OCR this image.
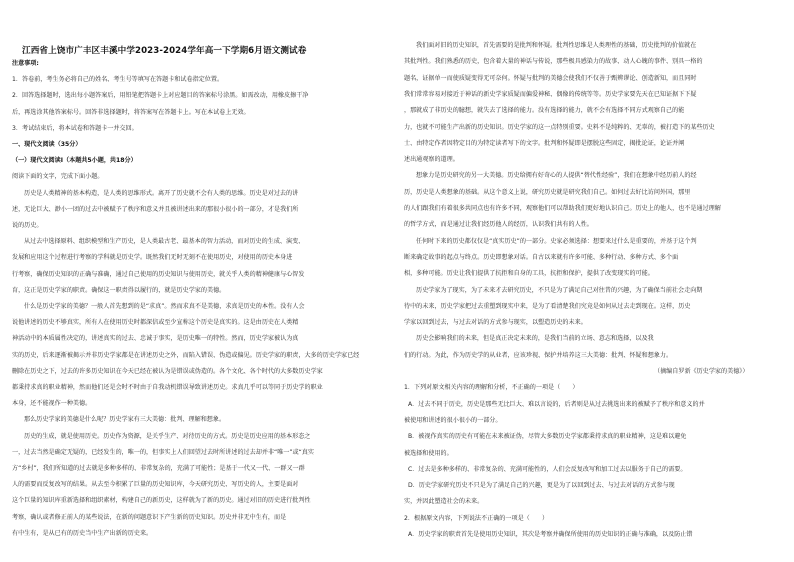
江西省上饶市广丰区丰溪中学2023-2024学年高一下学期6月语文测试卷
注意事项:
1．答卷前，考生务必将自己的姓名、考生号等填写在答题卡和试卷指定位置。
2．回答选择题时，选出每小题答案后，用铅笔把答题卡上对应题目的答案标号涂黑。如需改动，用橡皮擦干净
后，再选涂其他答案标号。回答非选择题时，将答案写在答题卡上。写在本试卷上无效。
3．考试结束后，将本试卷和答题卡一并交回。
一、现代文阅读（35分）
（一）现代文阅读Ⅰ（本题共5小题，共18分）
阅读下面的文字，完成下面小题。
历史是人类精神的基本构造，是人类的思维形式。离开了历史就不会有人类的思维。历史是对过去的讲
述，无论巨大、渺小一团的过去中被赋予了秩序和意义并且被讲述出来的那很小很小的一部分，才是我们所
说的历史。
从过去中选择原料、组织模型和生产历史，是人类最古老、最基本的智力活动，而对历史的生成、演变、
发展和应用这个过程进行考察的学科就是历史学。既然我们无时无刻不在使用历史，对使用的历史本身进
行考察，确保历史知识的正确与准确，通过自己使用的历史知识与使用历史，就关乎人类的精神健康与心智发
育，这正是历史学家的职责。确保这一职责得以履行的，就是历史学家的美德。
什么是历史学家的美德？一般人首先想到的是“求真”。然而求真不是美德，求真是历史的本性。没有人会
说他讲述的历史不够真实，所有人在使用历史时都深信或至少宣称这个历史是真实的。这是由历史在人类精
神活动中的本质属性决定的，讲述真实的过去、忠诚于事实，是历史唯一的特性。然而，历史学家被认为真
实的历史，后来逐渐被揭示并非历史学家都是在讲述历史之外，而陷入错误、伪造或偏见。历史学家的职责，大多的历史学家已经
删除在历史之下，过去的许多历史知识在今天已经在被认为是错误或伪造的。各个文化、各个时代的大多数历史学家
都秉持求真的职业精神，然而他们还是会时不时由于自我动机错误导致讲述历史。求真几乎可以等同于历史学的职业
本身，还不能视作一种美德。
那么历史学家的美德是什么呢？历史学家有三大美德：批判、理解和想象。
历史的生成，就是使用历史。历史作为资源，是关乎生产、对待历史的方式。历史是历史应用的基本形态之
一，过去当然是确定无疑的，已经发生的，唯一的，但事实上人们回望过去时所讲述的过去却并非“唯一”或“真实
方“乡村”，我们所知道的过去就是多种多样的、非常复杂的，充满了可能性；是基于一代又一代、一群又一群
人的需要而反复改写的结果。从去至今积累了巨量的历史知识库，今天研究历史、写历史的人，主要是面对
这个巨量的知识库重新选择和组织素材，构建自己的新历史，这样就为了新的历史。通过对旧的历史进行批判性
考察，确认或者修正前人的某些说法，在新的问题意识下产生新的历史知识。历史并非无中生有，而是
有中生有，是从已有的历史当中生产出新的历史来。
我们面对旧的历史知识，首先需要的是批判和怀疑。批判性思维是人类理性的基础，历史批判的价值就在
其批判性。我们熟悉的历史，包含着大量的神话与传说，那些极具感染力的故事、动人心魄的事件、别具一格的
题名，证据单一而使质疑变得无可奈何。怀疑与批判的美德会使我们不仅善于甄辨谬论、创造新知，而且同时
我们常常容易对接近于神话的新史学家质疑而偏爱神秘、偶像的传统等等。历史学家要先天在已知证据下下疑
，那就成了非历史的臆想，就失去了选择的能力。没有选择的能力，就不会有选择不同方式观察自己的能
力，也就不可能生产出新的历史知识。历史学家的这一点特别重要。史料不是纯粹的、无辜的，被打造下的某些历史
士、由特定作者因特定目的为特定读者写下的文字。批判和怀疑即是摆脱这些固定，揭批论证，论证并阐
述出通观察的道理。
想象力是历史研究的另一大美德。历史给拥有好奇心的人提供“替代性经验”，我们在想象中经历前人的经
历，历史是人类想象的基础。从这个意义上说，研究历史就是研究我们自己。如何过去好比访问外国，那里
的人们跟我们有着很多共同点也有许多不同，观察他们可以帮助我们更好地认识自己。历史上的他人，也不是通过理解
的哲学方式，而是通过让我们经历他人的经历，认识我们共有的人性。
任何时下来的历史都仅仅是“真实历史”的一部分。史家必须选择：想要来过什么是重要的，并基于这个判
断来确定故事的起点与终点。历史即想象对话。自古以来就有许多可能、多种行动、多种方式、多个面
相，多种可能。历史让我们提供了抗拒和自身的工具，抗拒和保护，提供了改变现实的可能。
历史学家为了现实，为了未来才去研究历史，不只是为了满足自己对往昔的兴趣，为了确保当前社会走向期
待中的未来，历史学家把过去重塑到现实中来，是为了看清楚我们究竟是如何从过去走到现在。这样，历史
学家以回到过去，与过去对话的方式参与现实，以塑造历史的未来。
历史会影响我们的未来，但是真正决定未来的，是我们当前的立场、意志和选择，以及我
们的行动。为此，作为历史学的从业者，应该珍视、保护并培养这三大美德：批判、怀疑和想象力。
（摘编自罗新《历史学家的美德》）
1．下列对原文相关内容的理解和分析，不正确的一项是（　　）
A．过去不同于历史，历史是那些无比巨大、难以言说的，后者则是从过去挑选出来的被赋予了秩序和意义的并
被使用和讲述的很小很小的一部分。
B．被视作真实的历史有可能在未来被证伪，尽管大多数历史学家都秉持求真的职业精神，这是难以避免
被选择和使用的。
C．过去是多种多样的、非常复杂的、充满可能性的，人们会反复改写和加工过去以服务于自己的需要。
D．历史学家研究历史不只是为了满足自己的兴趣，更是为了以回到过去、与过去对话的方式参与现
实，并因此塑造社会的未来。
2．根据原文内容，下列说法不正确的一项是（　　）
A．历史学家的职责首先是使用历史知识，其次是考察并确保所使用的历史知识的正确与准确，以及防止错
